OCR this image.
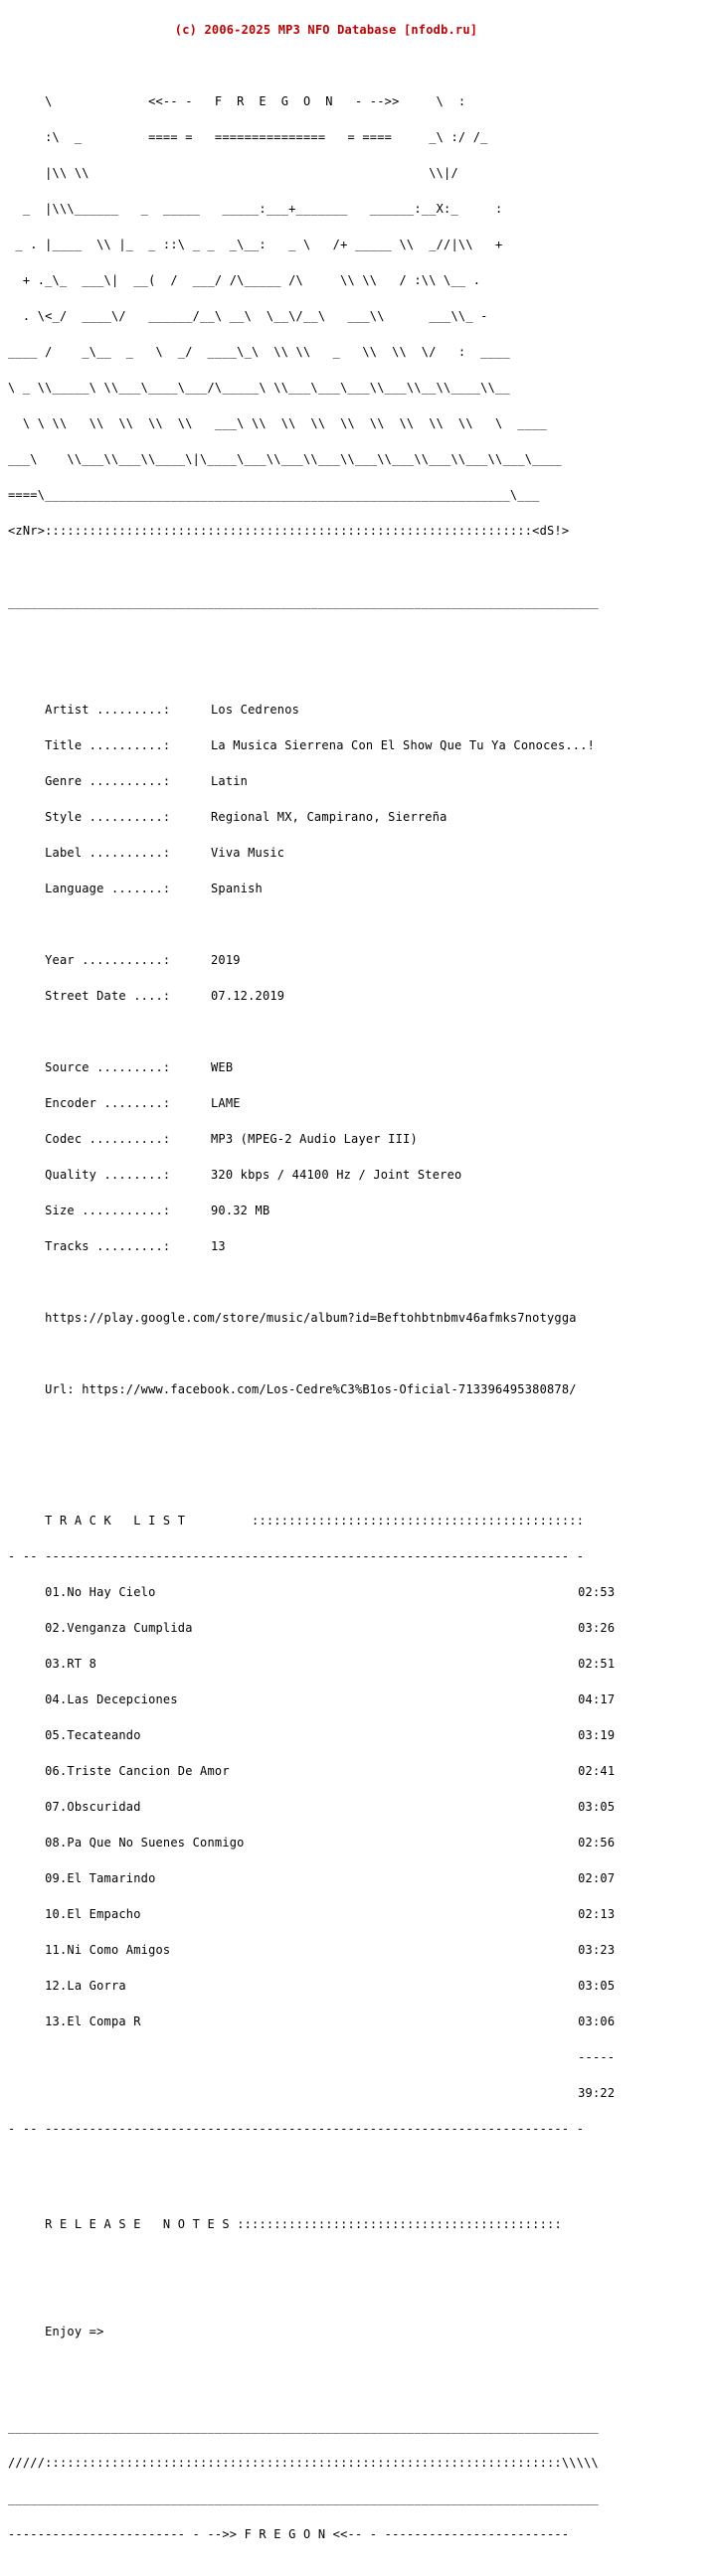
(c) 2006-2025 MP3 NFO Database [nfodb.ru]

\             <<-- -   F  R  E  G  O  N   - -->>     \  :

:\  _         ==== =   ===============   = ====     _\ :/ /_

|\\ \\                                              \\|/

_  |\\\______   _  _____   _____:___+_______   ______:__X:_     :

_ . |____  \\ |_  _ ::\ _ _  _\__:   _ \   /+ _____ \\  _//|\\   +

+ ._\_  ___\|  __(  /  ___/ /\_____ /\     \\ \\   / :\\ \__ .

. \<_/  ____\/   ______/__\ __\  \__\/__\   ___\\      ___\\_ -

____ /    _\__  _   \  _/  ____\_\  \\ \\   _   \\  \\  \/   :  ____

\ _ \\_____\ \\___\____\___/\_____\ \\___\___\___\\___\\__\\____\\__

\ \ \\   \\  \\  \\  \\   ___\ \\  \\  \\  \\  \\  \\  \\  \\   \  ____

___\    \\___\\___\\____\|\____\___\\___\\___\\___\\___\\___\\___\\___\____

====\_______________________________________________________________\___

<zNr>::::::::::::::::::::::::::::::::::::::::::::::::::::::::::::::::::<dS!>

________________________________________________________________________________

Artist .........:	Los Cedrenos

Title ..........:	La Musica Sierrena Con El Show Que Tu Ya Conoces...!

Genre ..........:	Latin

Style ..........:	Regional MX, Campirano, Sierreña

Label ..........:	Viva Music

Language .......:	Spanish

Year ...........:	2019

Street Date ....:	07.12.2019

Source .........:	WEB

Encoder ........:	LAME

Codec ..........:	MP3 (MPEG-2 Audio Layer III)

Quality ........:	320 kbps / 44100 Hz / Joint Stereo

Size ...........:	90.32 MB

Tracks .........:	13

https://play.google.com/store/music/album?id=Beftohbtnbmv46afmks7notygga

Url: https://www.facebook.com/Los-Cedre%C3%B1os-Oficial-713396495380878/

T R A C K   L I S T	:::::::::::::::::::::::::::::::::::::::::::::

- -- ----------------------------------------------------------------------- -

01.No Hay Cielo	02:53

02.Venganza Cumplida	03:26

03.RT 8	02:51

04.Las Decepciones	04:17

05.Tecateando	03:19

06.Triste Cancion De Amor	02:41

07.Obscuridad	03:05

08.Pa Que No Suenes Conmigo	02:56

09.El Tamarindo	02:07

10.El Empacho	02:13

11.Ni Como Amigos	03:23

12.La Gorra	03:05

13.El Compa R	03:06

-----

39:22

- -- ----------------------------------------------------------------------- -

R E L E A S E   N O T E S ::::::::::::::::::::::::::::::::::::::::::::

Enjoy =>

________________________________________________________________________________

/////::::::::::::::::::::::::::::::::::::::::::::::::::::::::::::::::::::::\\\\\

________________________________________________________________________________

------------------------ - -->> F R E G O N <<-- - -------------------------
